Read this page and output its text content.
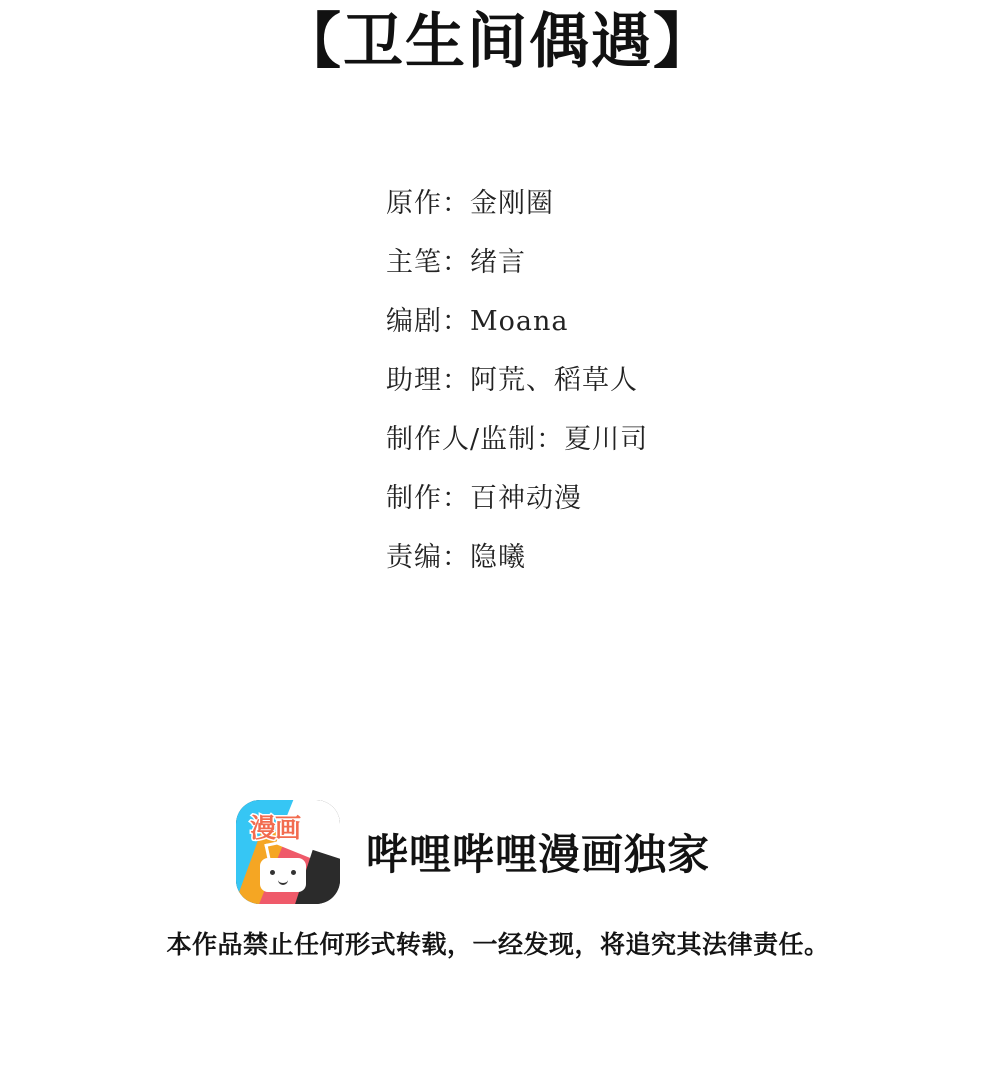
【卫生间偶遇】
原作：金刚圈
主笔：绪言
编剧：Moana
助理：阿荒、稻草人
制作人/监制：夏川司
制作：百神动漫
责编：隐曦
漫画
哔哩哔哩漫画独家
本作品禁止任何形式转载，一经发现，将追究其法律责任。
